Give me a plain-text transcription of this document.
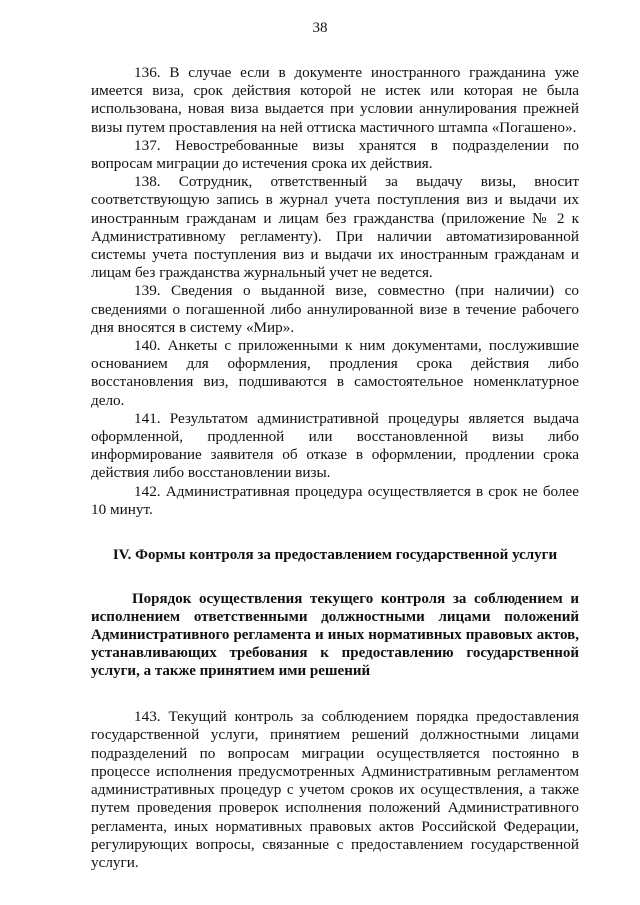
38

136. В случае если в документе иностранного гражданина уже имеется виза, срок действия которой не истек или которая не была использована, новая виза выдается при условии аннулирования прежней визы путем проставления на ней оттиска мастичного штампа «Погашено».

137. Невостребованные визы хранятся в подразделении по вопросам миграции до истечения срока их действия.

138. Сотрудник, ответственный за выдачу визы, вносит соответствующую запись в журнал учета поступления виз и выдачи их иностранным гражданам и лицам без гражданства (приложение № 2 к Административному регламенту). При наличии автоматизированной системы учета поступления виз и выдачи их иностранным гражданам и лицам без гражданства журнальный учет не ведется.

139. Сведения о выданной визе, совместно (при наличии) со сведениями о погашенной либо аннулированной визе в течение рабочего дня вносятся в систему «Мир».

140. Анкеты с приложенными к ним документами, послужившие основанием для оформления, продления срока действия либо восстановления виз, подшиваются в самостоятельное номенклатурное дело.

141. Результатом административной процедуры является выдача оформленной, продленной или восстановленной визы либо информирование заявителя об отказе в оформлении, продлении срока действия либо восстановлении визы.

142. Административная процедура осуществляется в срок не более 10 минут.

IV. Формы контроля за предоставлением государственной услуги

Порядок осуществления текущего контроля за соблюдением и исполнением ответственными должностными лицами положений Административного регламента и иных нормативных правовых актов, устанавливающих требования к предоставлению государственной услуги, а также принятием ими решений

143. Текущий контроль за соблюдением порядка предоставления государственной услуги, принятием решений должностными лицами подразделений по вопросам миграции осуществляется постоянно в процессе исполнения предусмотренных Административным регламентом административных процедур с учетом сроков их осуществления, а также путем проведения проверок исполнения положений Административного регламента, иных нормативных правовых актов Российской Федерации, регулирующих вопросы, связанные с предоставлением государственной услуги.
